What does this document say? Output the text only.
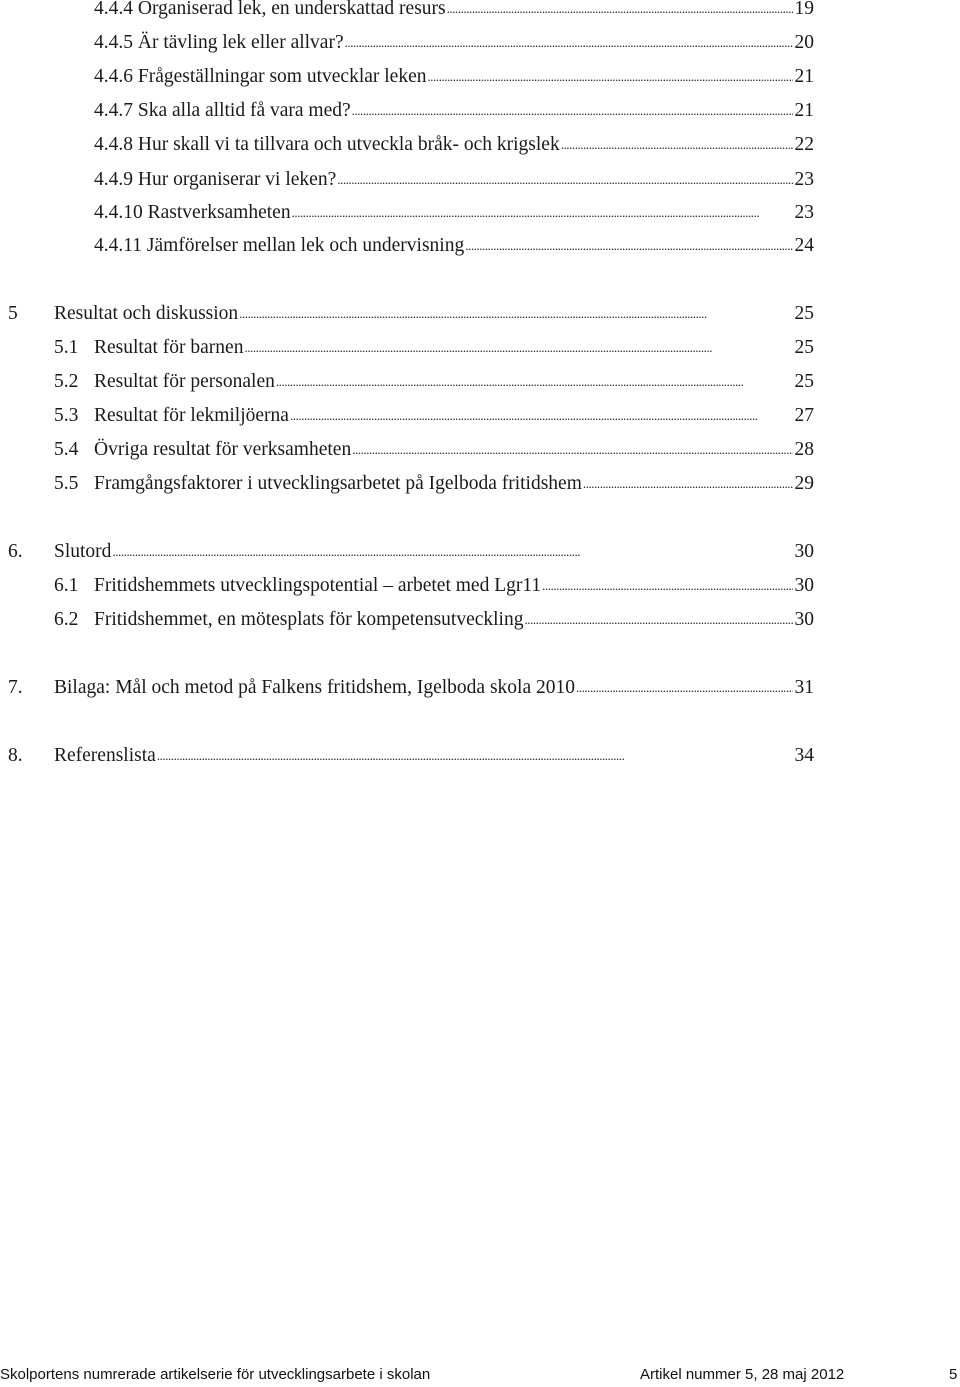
4.4.4 Organiserad lek, en underskattad resurs . . .	19
4.4.5 Är tävling lek eller allvar? . . .	20
4.4.6 Frågeställningar som utvecklar leken . . .	21
4.4.7 Ska alla alltid få vara med? . . .	21
4.4.8 Hur skall vi ta tillvara och utveckla bråk- och krigslek . . .	22
4.4.9 Hur organiserar vi leken? . . .	23
4.4.10 Rastverksamheten . . .	23
4.4.11 Jämförelser mellan lek och undervisning . . .	24
5 Resultat och diskussion . . .	25
5.1 Resultat för barnen . . .	25
5.2 Resultat för personalen . . .	25
5.3 Resultat för lekmiljöerna . . .	27
5.4 Övriga resultat för verksamheten . . .	28
5.5 Framgångsfaktorer i utvecklingsarbetet på Igelboda fritidshem . . .	29
6. Slutord . . .	30
6.1 Fritidshemmets utvecklingspotential – arbetet med Lgr11 . . .	30
6.2 Fritidshemmet, en mötesplats för kompetensutveckling . . .	30
7. Bilaga: Mål och metod på Falkens fritidshem, Igelboda skola 2010 . . .	31
8. Referenslista . . .	34
Skolportens numrerade artikelserie för utvecklingsarbete i skolan	Artikel nummer 5, 28 maj 2012	5
